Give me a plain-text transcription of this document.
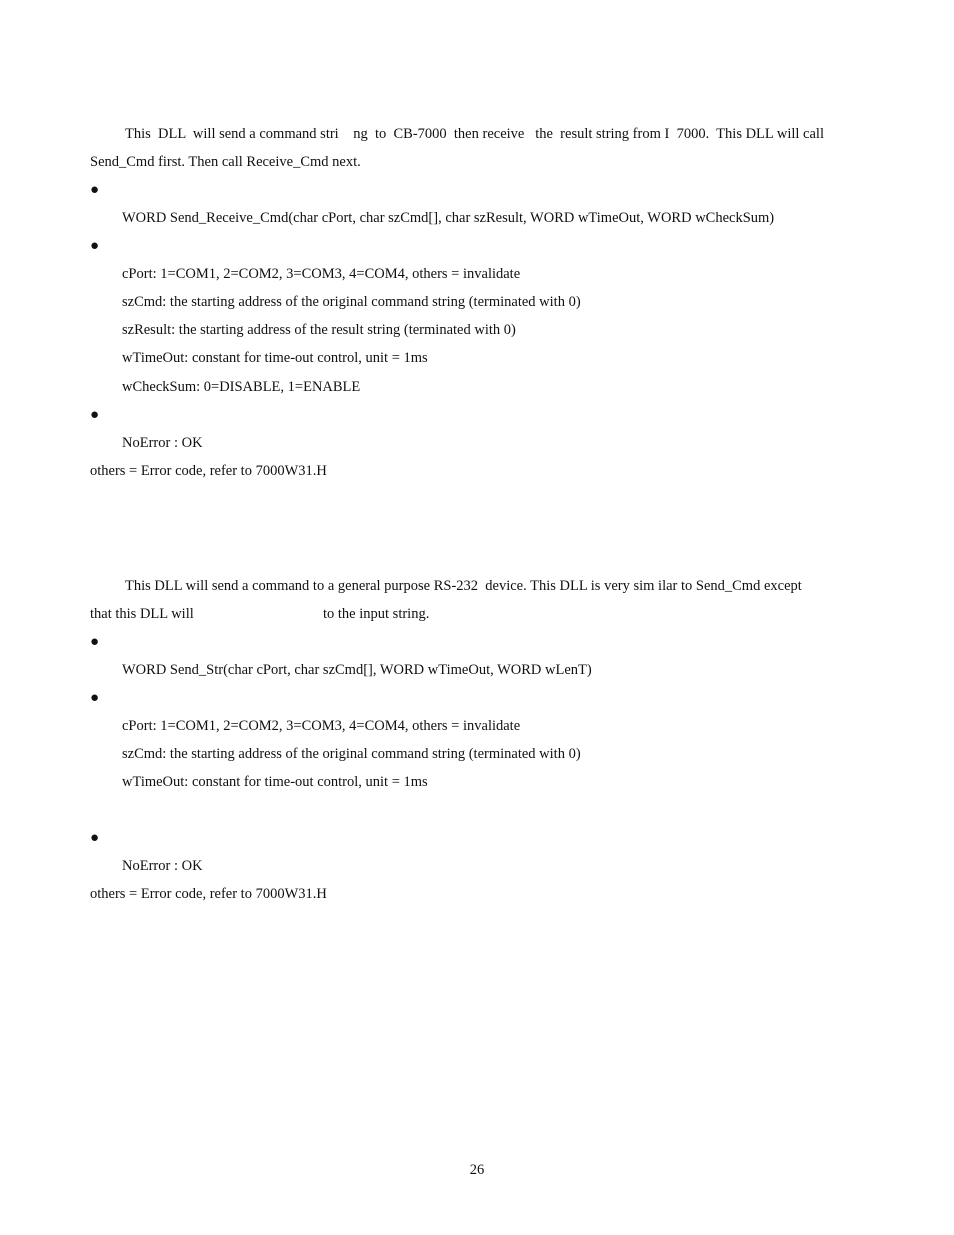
This  DLL  will send a command stri    ng  to  CB-7000  then receive   the  result string from I  7000.  This DLL will call
Send_Cmd first. Then call Receive_Cmd next.
●
WORD Send_Receive_Cmd(char cPort, char szCmd[], char szResult, WORD wTimeOut, WORD wCheckSum)
●
cPort: 1=COM1, 2=COM2, 3=COM3, 4=COM4, others = invalidate
szCmd: the starting address of the original command string (terminated with 0)
szResult: the starting address of the result string (terminated with 0)
wTimeOut: constant for time-out control, unit = 1ms
wCheckSum: 0=DISABLE, 1=ENABLE
●
NoError : OK
others = Error code, refer to 7000W31.H
This DLL will send a command to a general purpose RS-232  device. This DLL is very sim ilar to Send_Cmd except
that this DLL will	to the input string.
●
WORD Send_Str(char cPort, char szCmd[], WORD wTimeOut, WORD wLenT)
●
cPort: 1=COM1, 2=COM2, 3=COM3, 4=COM4, others = invalidate
szCmd: the starting address of the original command string (terminated with 0)
wTimeOut: constant for time-out control, unit = 1ms
●
NoError : OK
others = Error code, refer to 7000W31.H
26
